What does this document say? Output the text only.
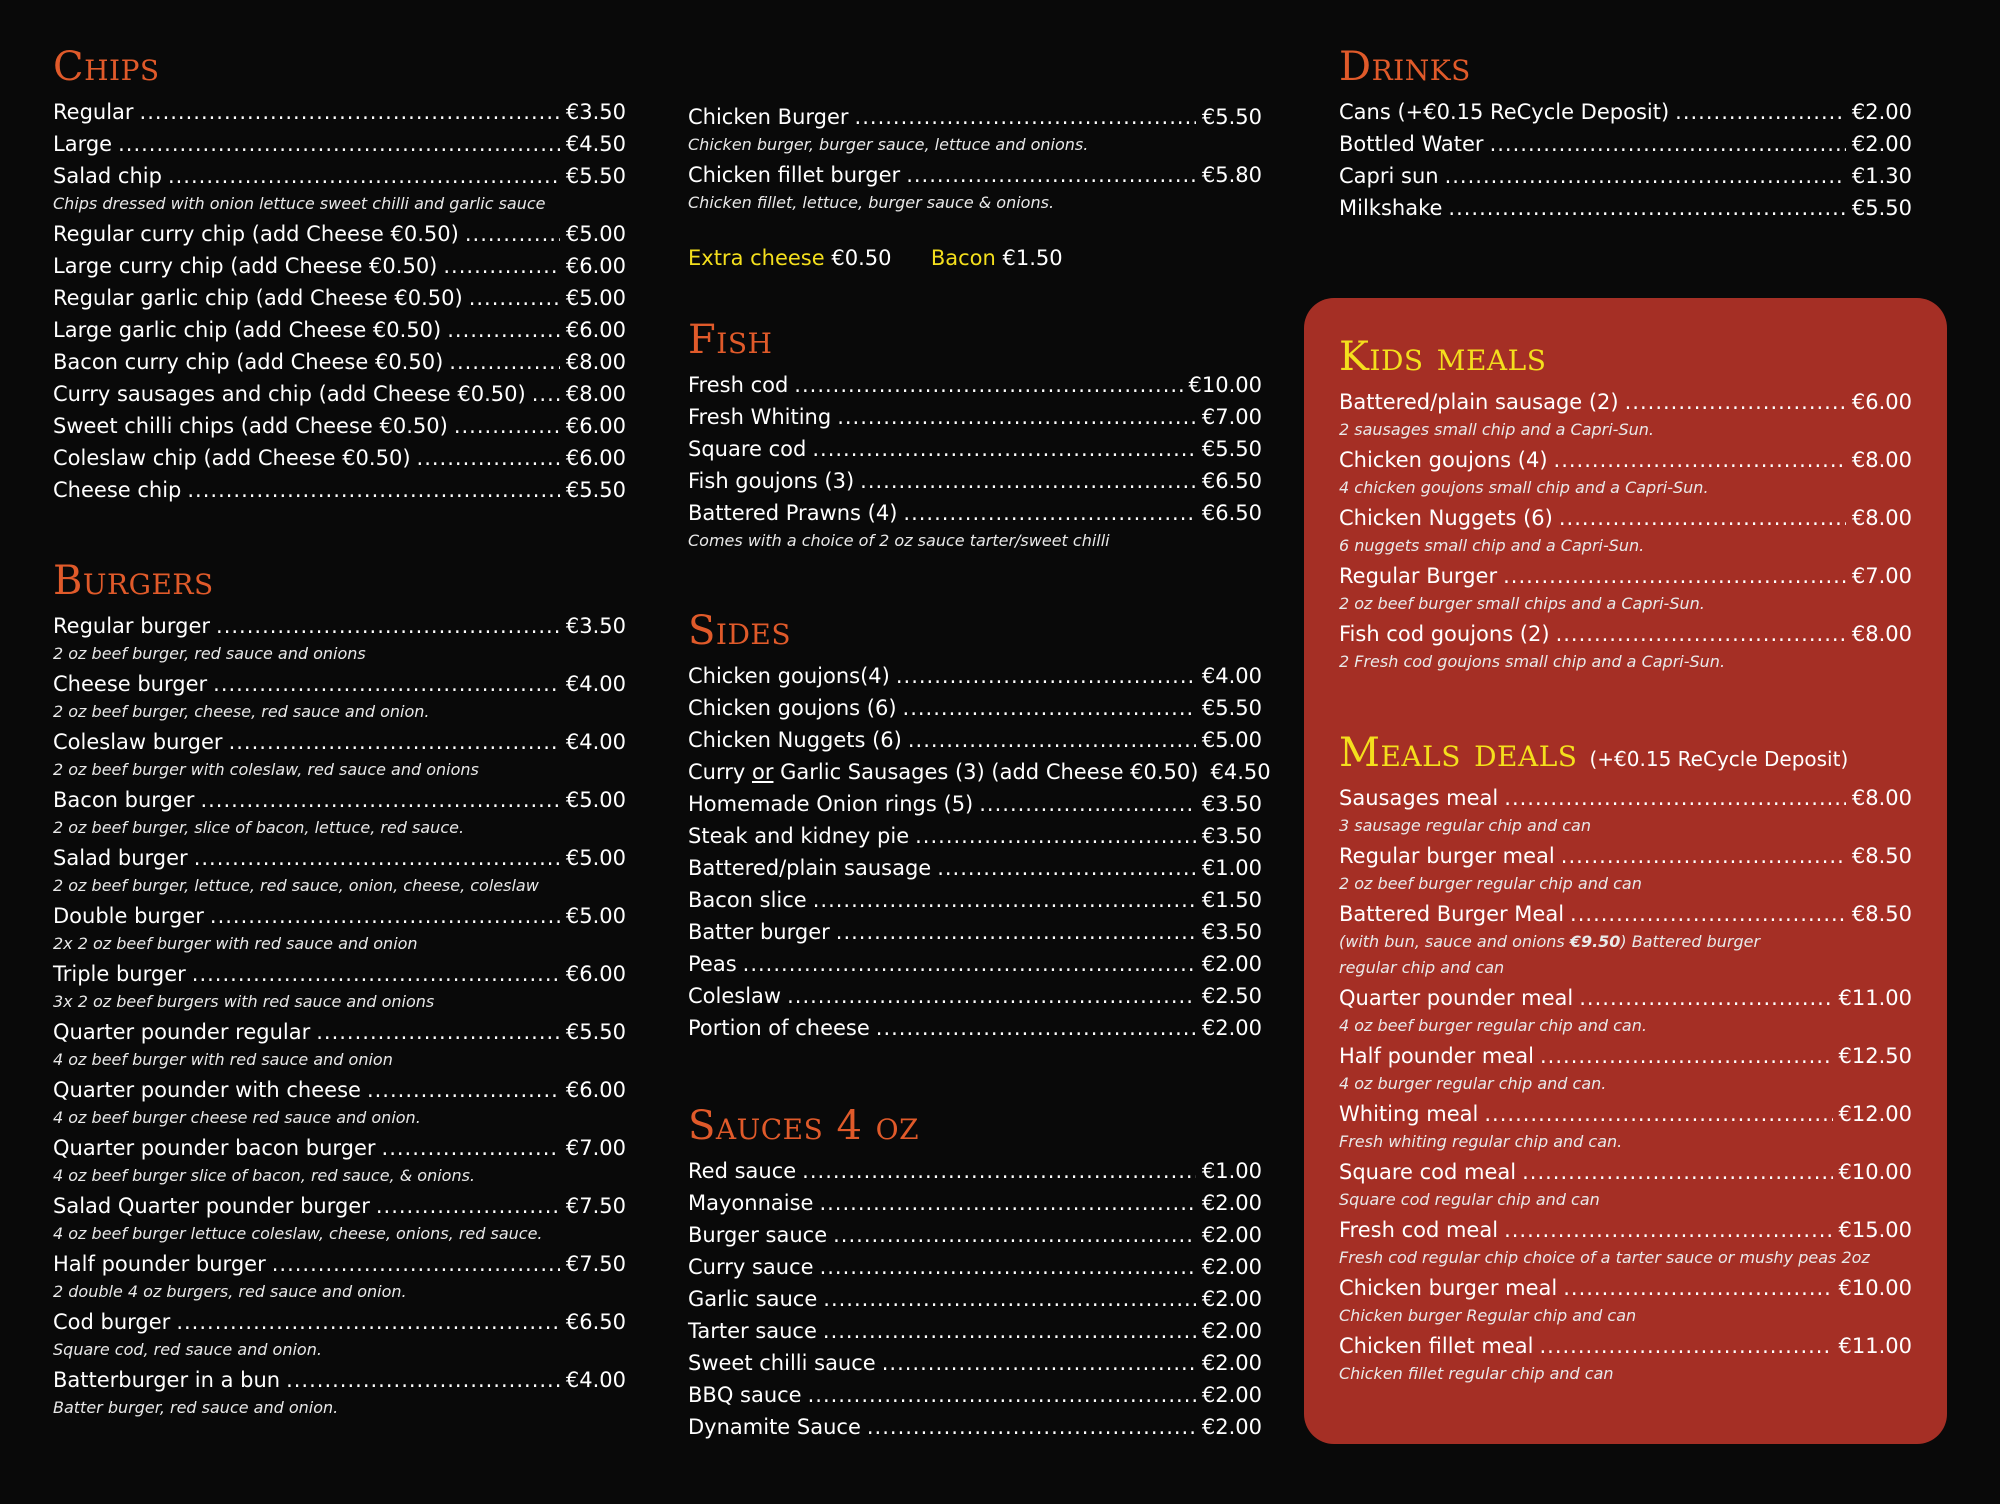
Chips
Regular .....	€3.50
Large .....	€4.50
Salad chip .....	€5.50
Chips dressed with onion lettuce sweet chilli and garlic sauce
Regular curry chip (add Cheese €0.50) .....	€5.00
Large curry chip (add Cheese €0.50) .....	€6.00
Regular garlic chip (add Cheese €0.50) .....	€5.00
Large garlic chip (add Cheese €0.50) .....	€6.00
Bacon curry chip (add Cheese €0.50) .....	€8.00
Curry sausages and chip (add Cheese €0.50) ..... €8.00
Sweet chilli chips (add Cheese €0.50) .....	€6.00
Coleslaw chip (add Cheese €0.50) .....	€6.00
Cheese chip .....	€5.50
Burgers
Regular burger .....	€3.50
2 oz beef burger, red sauce and onions
Cheese burger .....	€4.00
2 oz beef burger, cheese, red sauce and onion.
Coleslaw burger .....	€4.00
2 oz beef burger with coleslaw, red sauce and onions
Bacon burger .....	€5.00
2 oz beef burger, slice of bacon, lettuce, red sauce.
Salad burger .....	€5.00
2 oz beef burger, lettuce, red sauce, onion, cheese, coleslaw
Double burger .....	€5.00
2x 2 oz beef burger with red sauce and onion
Triple burger .....	€6.00
3x 2 oz beef burgers with red sauce and onions
Quarter pounder regular .....	€5.50
4 oz beef burger with red sauce and onion
Quarter pounder with cheese .....	€6.00
4 oz beef burger cheese red sauce and onion.
Quarter pounder bacon burger .....	€7.00
4 oz beef burger slice of bacon, red sauce, & onions.
Salad Quarter pounder burger .....	€7.50
4 oz beef burger lettuce coleslaw, cheese, onions, red sauce.
Half pounder burger .....	€7.50
2 double 4 oz burgers, red sauce and onion.
Cod burger .....	€6.50
Square cod, red sauce and onion.
Batterburger in a bun .....	€4.00
Batter burger, red sauce and onion.
Chicken Burger .....	€5.50
Chicken burger, burger sauce, lettuce and onions.
Chicken fillet burger .....	€5.80
Chicken fillet, lettuce, burger sauce & onions.
Extra cheese €0.50 Bacon €1.50
Fish
Fresh cod .....	€10.00
Fresh Whiting .....	€7.00
Square cod .....	€5.50
Fish goujons (3) .....	€6.50
Battered Prawns (4) .....	€6.50
Comes with a choice of 2 oz sauce tarter/sweet chilli
Sides
Chicken goujons(4) .....	€4.00
Chicken goujons (6) .....	€5.50
Chicken Nuggets (6) .....	€5.00
Curry or Garlic Sausages (3) (add Cheese €0.50) €4.50
Homemade Onion rings (5) .....	€3.50
Steak and kidney pie .....	€3.50
Battered/plain sausage .....	€1.00
Bacon slice .....	€1.50
Batter burger .....	€3.50
Peas .....	€2.00
Coleslaw .....	€2.50
Portion of cheese .....	€2.00
Sauces 4 oz
Red sauce .....	€1.00
Mayonnaise .....	€2.00
Burger sauce .....	€2.00
Curry sauce .....	€2.00
Garlic sauce .....	€2.00
Tarter sauce .....	€2.00
Sweet chilli sauce .....	€2.00
BBQ sauce .....	€2.00
Dynamite Sauce .....	€2.00
Drinks
Cans (+€0.15 ReCycle Deposit) .....	€2.00
Bottled Water .....	€2.00
Capri sun .....	€1.30
Milkshake .....	€5.50
Kids meals
Battered/plain sausage (2) .....	€6.00
2 sausages small chip and a Capri-Sun.
Chicken goujons (4) .....	€8.00
4 chicken goujons small chip and a Capri-Sun.
Chicken Nuggets (6) .....	€8.00
6 nuggets small chip and a Capri-Sun.
Regular Burger .....	€7.00
2 oz beef burger small chips and a Capri-Sun.
Fish cod goujons (2) .....	€8.00
2 Fresh cod goujons small chip and a Capri-Sun.
Meals deals (+€0.15 ReCycle Deposit)
Sausages meal .....	€8.00
3 sausage regular chip and can
Regular burger meal .....	€8.50
2 oz beef burger regular chip and can
Battered Burger Meal .....	€8.50
(with bun, sauce and onions €9.50) Battered burger
regular chip and can
Quarter pounder meal .....	€11.00
4 oz beef burger regular chip and can.
Half pounder meal .....	€12.50
4 oz burger regular chip and can.
Whiting meal .....	€12.00
Fresh whiting regular chip and can.
Square cod meal .....	€10.00
Square cod regular chip and can
Fresh cod meal .....	€15.00
Fresh cod regular chip choice of a tarter sauce or mushy peas 2oz
Chicken burger meal .....	€10.00
Chicken burger Regular chip and can
Chicken fillet meal .....	€11.00
Chicken fillet regular chip and can
